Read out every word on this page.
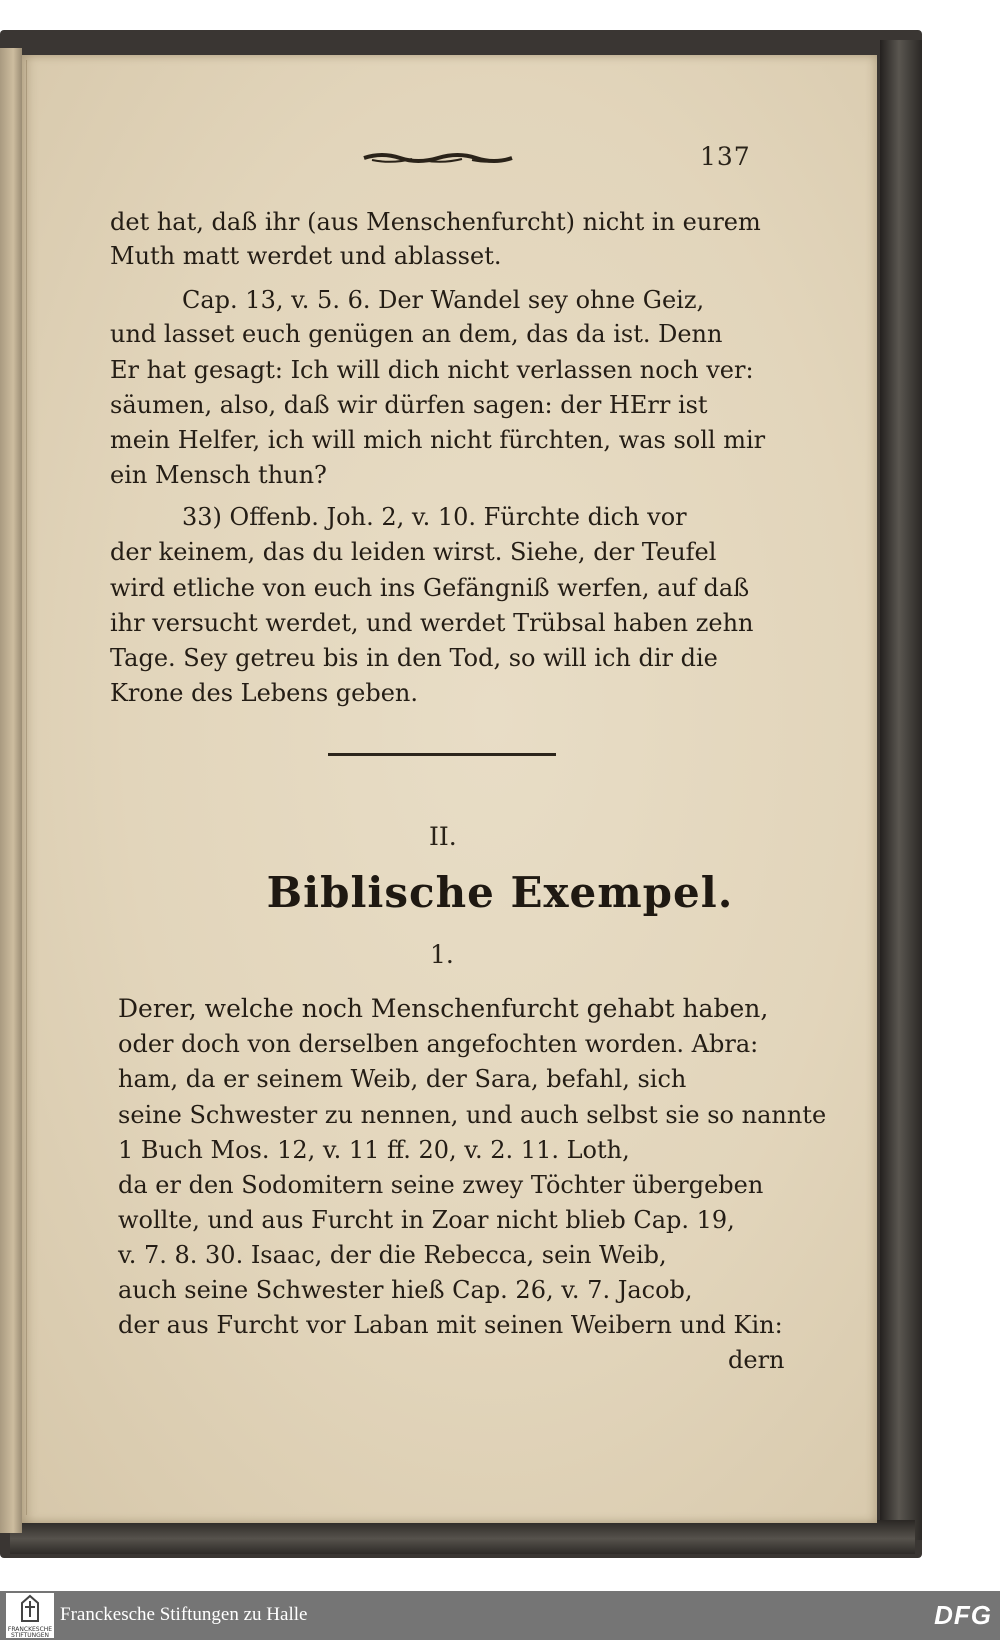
137
det hat, daß ihr (aus Menschenfurcht) nicht in eurem
Muth matt werdet und ablasset.
Cap. 13, v. 5. 6. Der Wandel sey ohne Geiz,
und lasset euch genügen an dem, das da ist. Denn
Er hat gesagt: Ich will dich nicht verlassen noch ver:
säumen, also, daß wir dürfen sagen: der HErr ist
mein Helfer, ich will mich nicht fürchten, was soll mir
ein Mensch thun?
33) Offenb. Joh. 2, v. 10. Fürchte dich vor
der keinem, das du leiden wirst. Siehe, der Teufel
wird etliche von euch ins Gefängniß werfen, auf daß
ihr versucht werdet, und werdet Trübsal haben zehn
Tage. Sey getreu bis in den Tod, so will ich dir die
Krone des Lebens geben.
II.
Biblische Exempel.
1.
Derer, welche noch Menschenfurcht gehabt haben,
oder doch von derselben angefochten worden. Abra:
ham, da er seinem Weib, der Sara, befahl, sich
seine Schwester zu nennen, und auch selbst sie so nannte
1 Buch Mos. 12, v. 11 ff. 20, v. 2. 11. Loth,
da er den Sodomitern seine zwey Töchter übergeben
wollte, und aus Furcht in Zoar nicht blieb Cap. 19,
v. 7. 8. 30. Isaac, der die Rebecca, sein Weib,
auch seine Schwester hieß Cap. 26, v. 7. Jacob,
der aus Furcht vor Laban mit seinen Weibern und Kin:
dern
FRANCKESCHE STIFTUNGEN
Franckesche Stiftungen zu Halle	DFG
